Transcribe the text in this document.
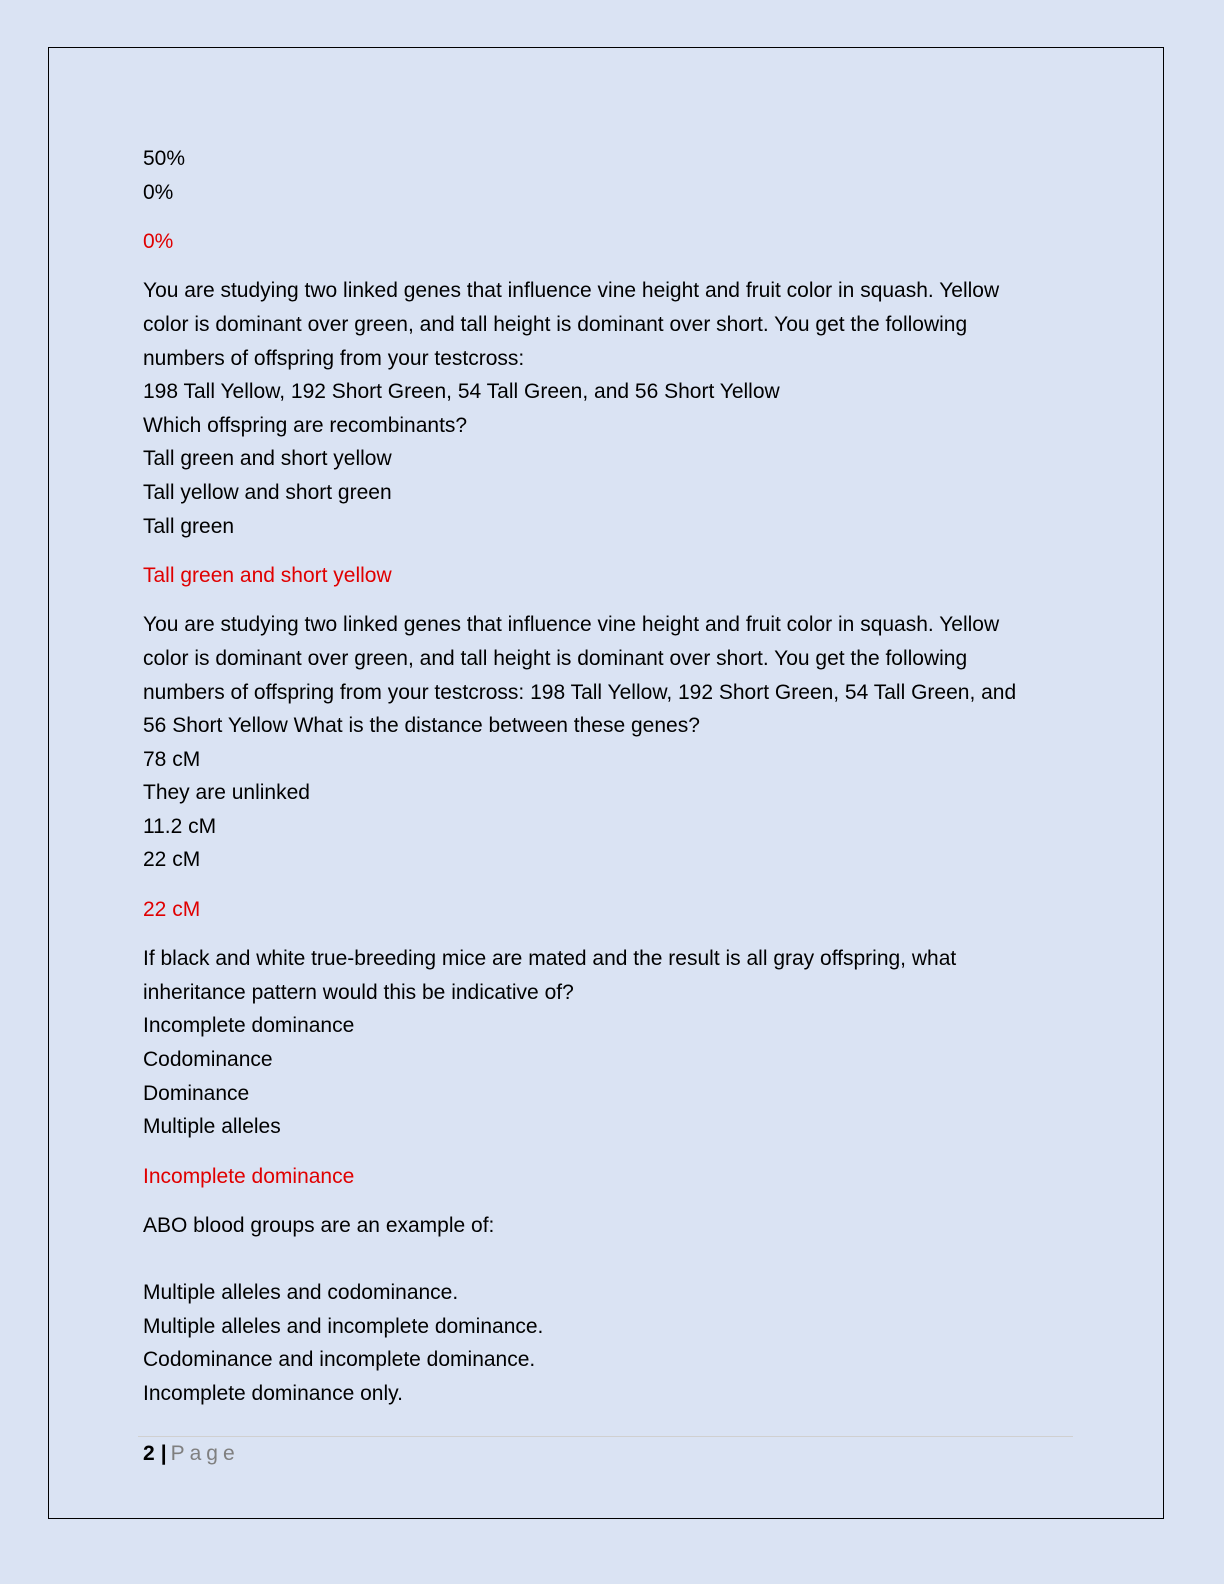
50%

0%

0%

You are studying two linked genes that influence vine height and fruit color in squash. Yellow

color is dominant over green, and tall height is dominant over short. You get the following

numbers of offspring from your testcross:

198 Tall Yellow, 192 Short Green, 54 Tall Green, and 56 Short Yellow

Which offspring are recombinants?

Tall green and short yellow

Tall yellow and short green

Tall green

Tall green and short yellow

You are studying two linked genes that influence vine height and fruit color in squash. Yellow

color is dominant over green, and tall height is dominant over short. You get the following

numbers of offspring from your testcross: 198 Tall Yellow, 192 Short Green, 54 Tall Green, and

56 Short Yellow What is the distance between these genes?

78 cM

They are unlinked

11.2 cM

22 cM

22 cM

If black and white true-breeding mice are mated and the result is all gray offspring, what

inheritance pattern would this be indicative of?

Incomplete dominance

Codominance

Dominance

Multiple alleles

Incomplete dominance

ABO blood groups are an example of:

Multiple alleles and codominance.

Multiple alleles and incomplete dominance.

Codominance and incomplete dominance.

Incomplete dominance only.

2 | Page
